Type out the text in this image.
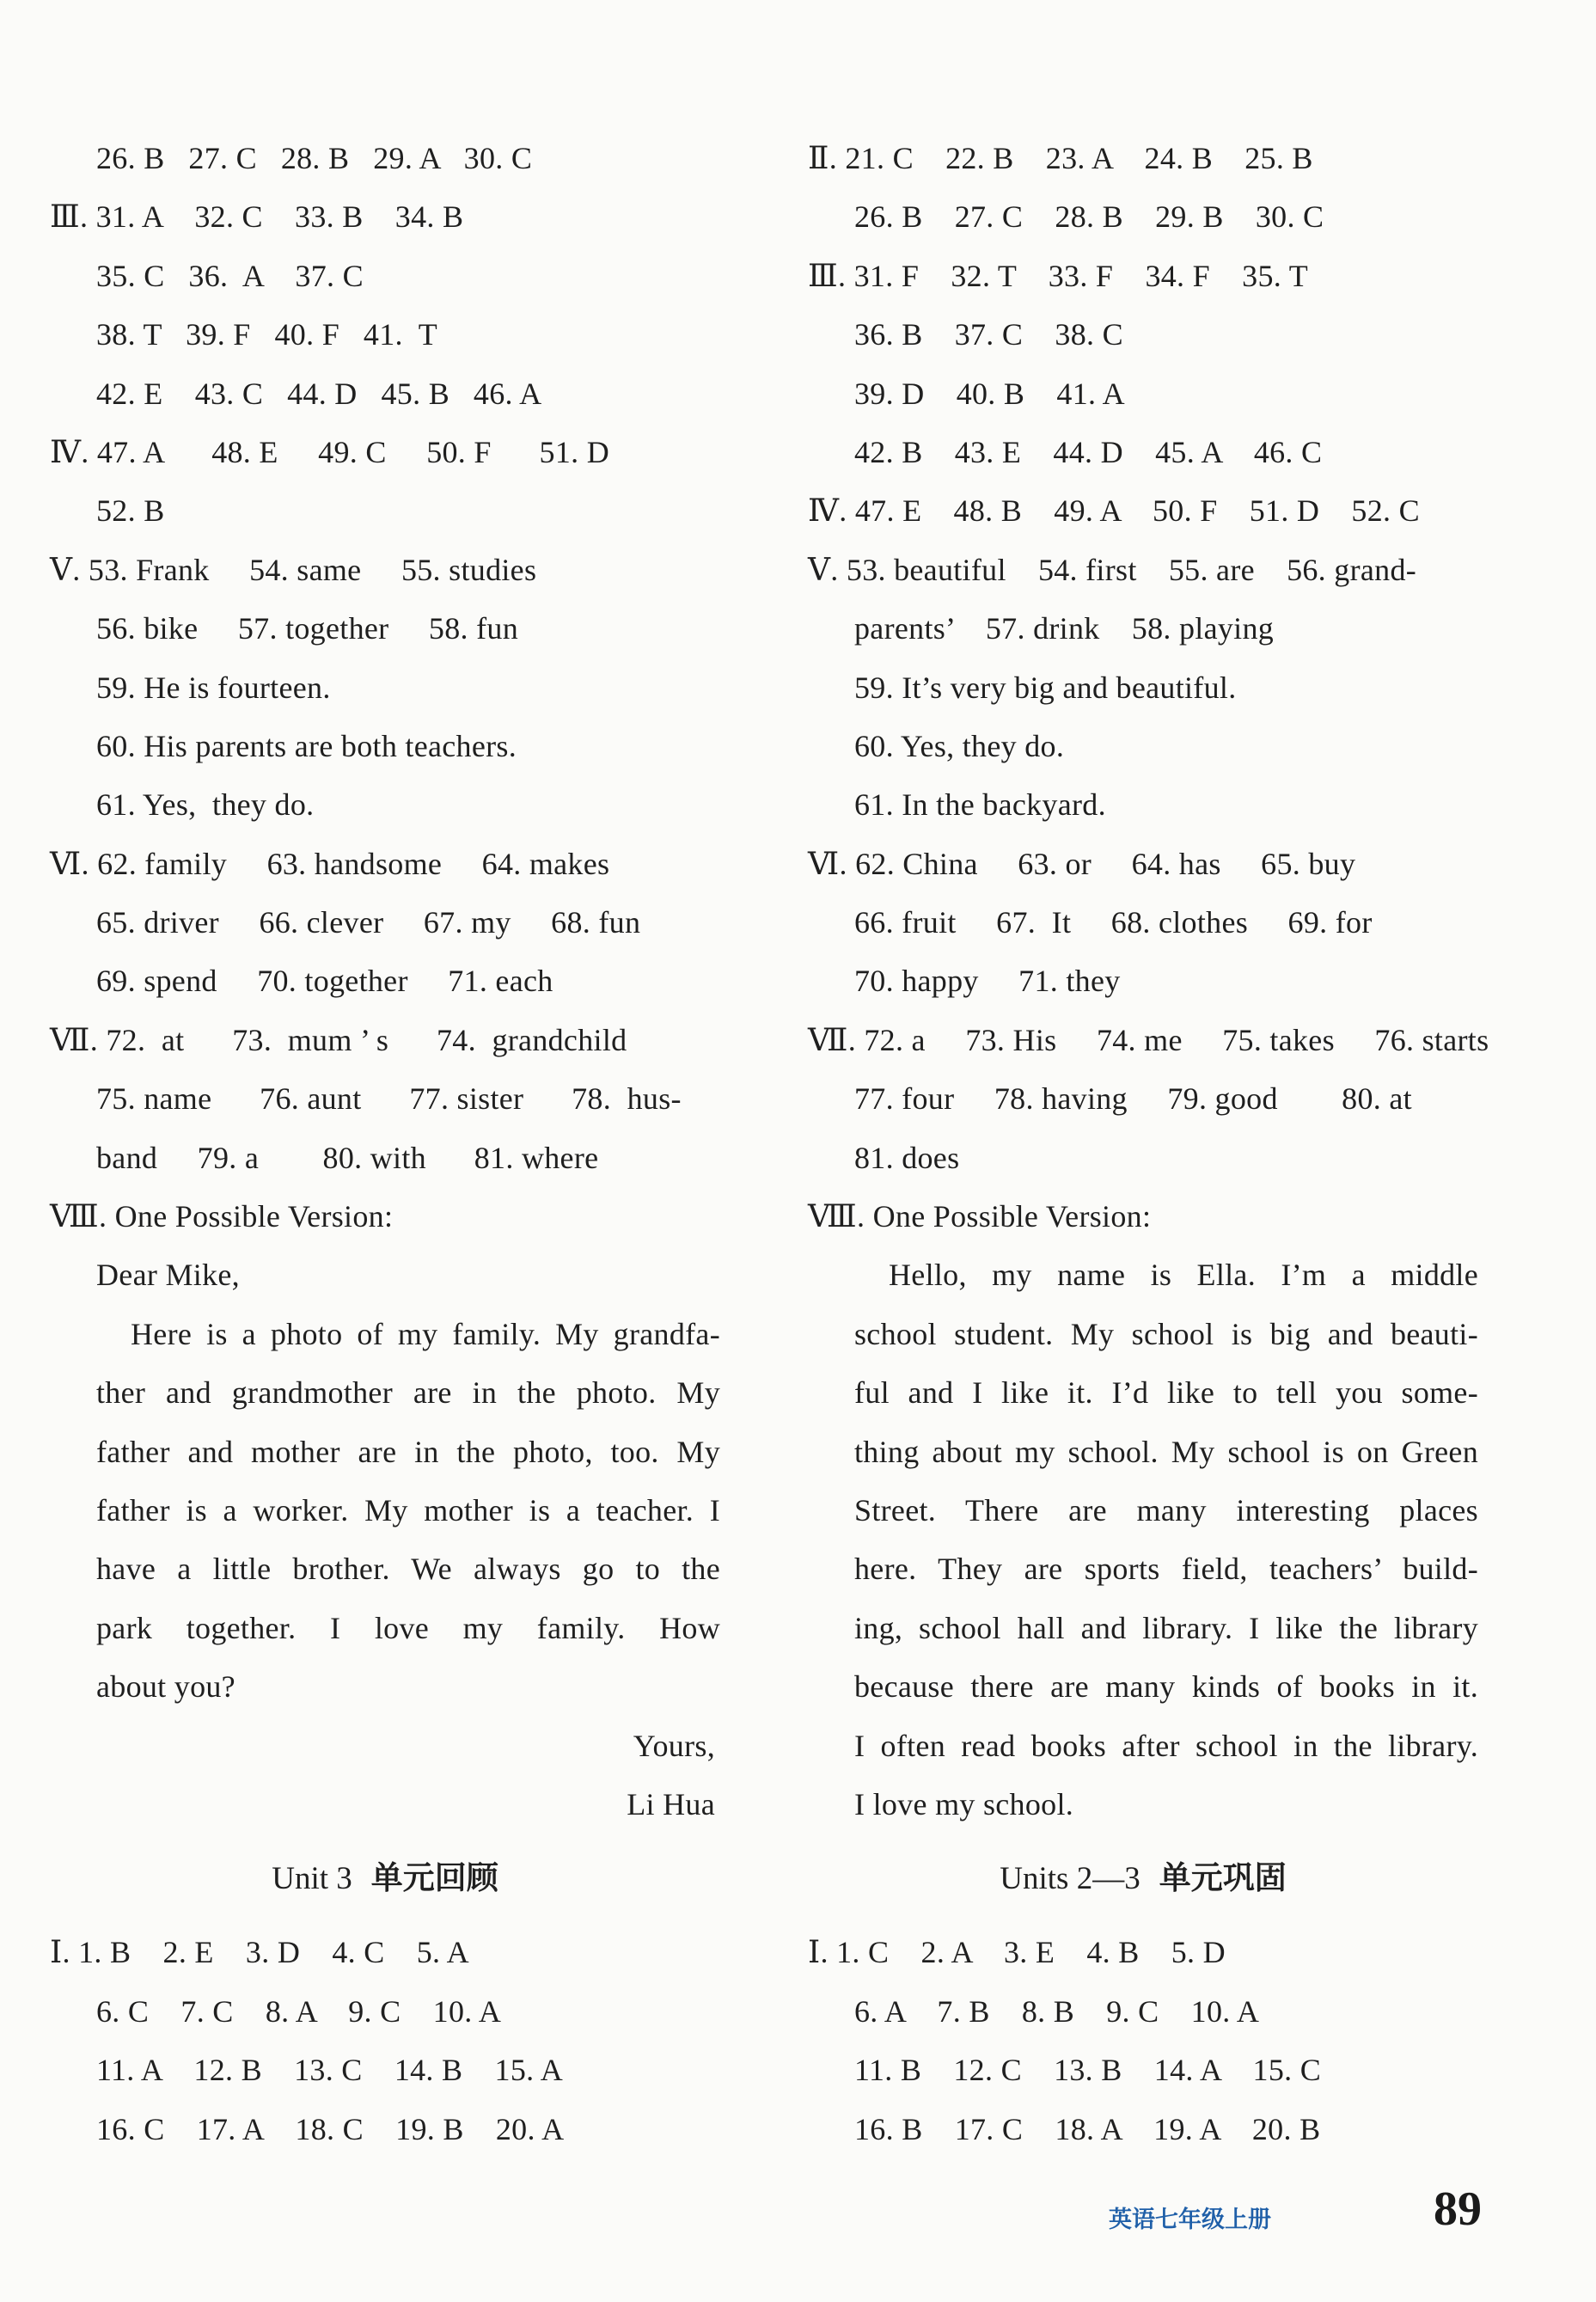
26. B   27. C   28. B   29. A   30. C
Ⅲ. 31. A    32. C    33. B    34. B
35. C   36.  A    37. C
38. T   39. F   40. F   41.  T
42. E    43. C   44. D   45. B   46. A
Ⅳ. 47. A      48. E     49. C     50. F      51. D
52. B
Ⅴ. 53. Frank     54. same     55. studies
56. bike     57. together     58. fun
59. He is fourteen.
60. His parents are both teachers.
61. Yes,  they do.
Ⅵ. 62. family     63. handsome     64. makes
65. driver     66. clever     67. my     68. fun
69. spend     70. together     71. each
Ⅶ. 72.  at      73.  mum ’ s      74.  grandchild
75. name      76. aunt      77. sister      78.  hus-
band     79. a        80. with      81. where
Ⅷ. One Possible Version:
Dear Mike,
Here is a photo of my family. My grandfa-
ther and grandmother are in the photo. My
father and mother are in the photo, too. My
father is a worker. My mother is a teacher. I
have a little brother. We always go to the
park together. I love my family. How
about you?
Yours,
Li Hua
Unit 3 单元回顾
Ⅰ. 1. B    2. E    3. D    4. C    5. A
6. C    7. C    8. A    9. C    10. A
11. A    12. B    13. C    14. B    15. A
16. C    17. A    18. C    19. B    20. A
Ⅱ. 21. C    22. B    23. A    24. B    25. B
26. B    27. C    28. B    29. B    30. C
Ⅲ. 31. F    32. T    33. F    34. F    35. T
36. B    37. C    38. C
39. D    40. B    41. A
42. B    43. E    44. D    45. A    46. C
Ⅳ. 47. E    48. B    49. A    50. F    51. D    52. C
Ⅴ. 53. beautiful    54. first    55. are    56. grand-
parents’    57. drink    58. playing
59. It’s very big and beautiful.
60. Yes, they do.
61. In the backyard.
Ⅵ. 62. China     63. or     64. has     65. buy
66. fruit     67.  It     68. clothes     69. for
70. happy     71. they
Ⅶ. 72. a     73. His     74. me     75. takes     76. starts
77. four     78. having     79. good        80. at
81. does
Ⅷ. One Possible Version:
Hello, my name is Ella. I’m a middle
school student. My school is big and beauti-
ful and I like it. I’d like to tell you some-
thing about my school. My school is on Green
Street. There are many interesting places
here. They are sports field, teachers’ build-
ing, school hall and library. I like the library
because there are many kinds of books in it.
I often read books after school in the library.
I love my school.
Units 2—3 单元巩固
Ⅰ. 1. C    2. A    3. E    4. B    5. D
6. A    7. B    8. B    9. C    10. A
11. B    12. C    13. B    14. A    15. C
16. B    17. C    18. A    19. A    20. B
英语七年级上册	89
